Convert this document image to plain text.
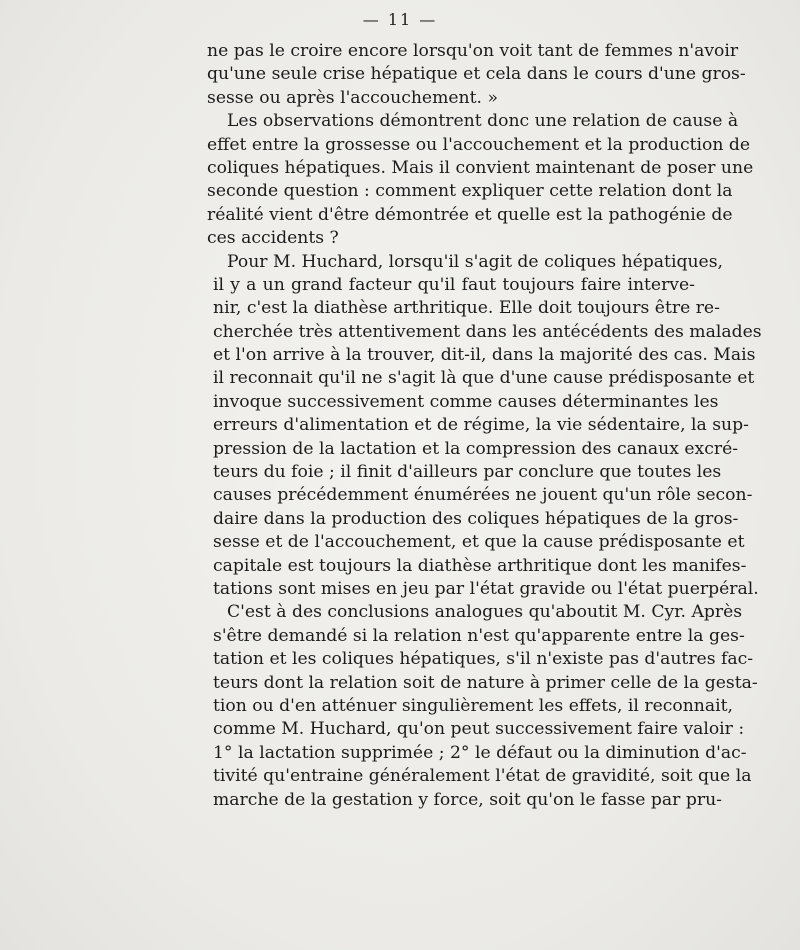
— 11 —
ne pas le croire encore lorsqu'on voit tant de femmes n'avoir
qu'une seule crise hépatique et cela dans le cours d'une gros-
sesse ou après l'accouchement. »
Les observations démontrent donc une relation de cause à
effet entre la grossesse ou l'accouchement et la production de
coliques hépatiques. Mais il convient maintenant de poser une
seconde question : comment expliquer cette relation dont la
réalité vient d'être démontrée et quelle est la pathogénie de
ces accidents ?
Pour M. Huchard, lorsqu'il s'agit de coliques hépatiques,
il y a un grand facteur qu'il faut toujours faire interve-
nir, c'est la diathèse arthritique. Elle doit toujours être re-
cherchée très attentivement dans les antécédents des malades
et l'on arrive à la trouver, dit-il, dans la majorité des cas. Mais
il reconnait qu'il ne s'agit là que d'une cause prédisposante et
invoque successivement comme causes déterminantes les
erreurs d'alimentation et de régime, la vie sédentaire, la sup-
pression de la lactation et la compression des canaux excré-
teurs du foie ; il finit d'ailleurs par conclure que toutes les
causes précédemment énumérées ne jouent qu'un rôle secon-
daire dans la production des coliques hépatiques de la gros-
sesse et de l'accouchement, et que la cause prédisposante et
capitale est toujours la diathèse arthritique dont les manifes-
tations sont mises en jeu par l'état gravide ou l'état puerpéral.
C'est à des conclusions analogues qu'aboutit M. Cyr. Après
s'être demandé si la relation n'est qu'apparente entre la ges-
tation et les coliques hépatiques, s'il n'existe pas d'autres fac-
teurs dont la relation soit de nature à primer celle de la gesta-
tion ou d'en atténuer singulièrement les effets, il reconnait,
comme M. Huchard, qu'on peut successivement faire valoir :
1° la lactation supprimée ; 2° le défaut ou la diminution d'ac-
tivité qu'entraine généralement l'état de gravidité, soit que la
marche de la gestation y force, soit qu'on le fasse par pru-
